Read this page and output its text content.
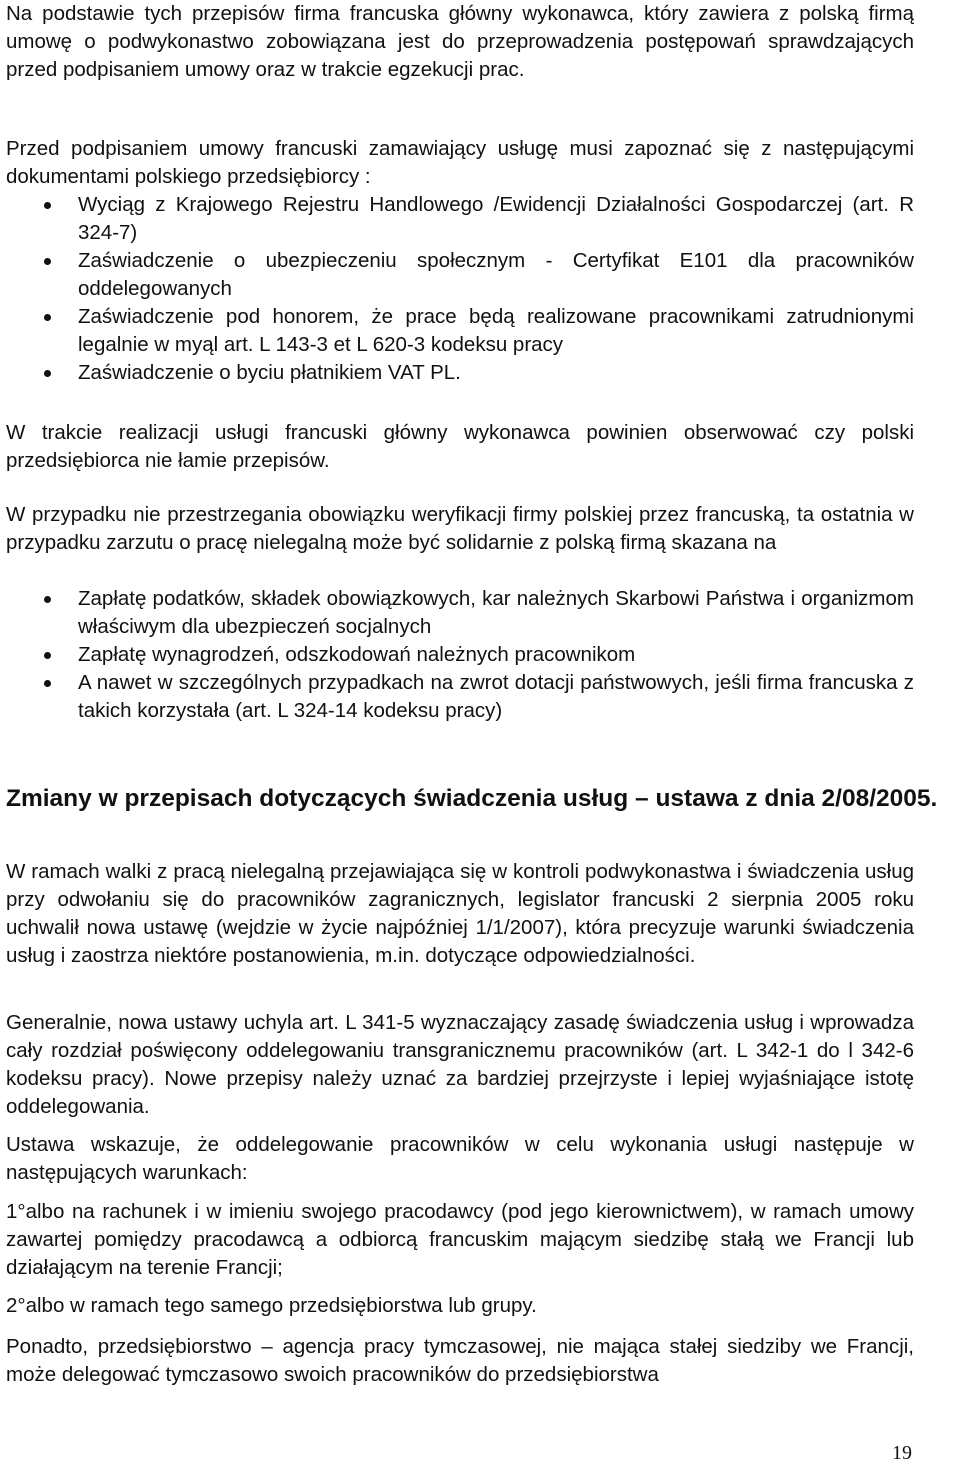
Na podstawie tych przepisów firma francuska główny wykonawca, który zawiera z polską firmą umowę o podwykonastwo zobowiązana jest do przeprowadzenia postępowań sprawdzających przed podpisaniem umowy oraz w trakcie egzekucji prac.

Przed podpisaniem umowy francuski zamawiający usługę musi zapoznać się z następującymi dokumentami polskiego przedsiębiorcy :

Wyciąg z Krajowego Rejestru Handlowego /Ewidencji Działalności Gospodarczej (art. R 324-7)
Zaświadczenie o ubezpieczeniu społecznym - Certyfikat E101 dla pracowników oddelegowanych
Zaświadczenie pod honorem, że prace będą realizowane pracownikami zatrudnionymi legalnie w myąl art. L 143-3 et L 620-3 kodeksu pracy
Zaświadczenie o byciu płatnikiem VAT PL.

W trakcie realizacji usługi francuski główny wykonawca powinien obserwować czy polski przedsiębiorca nie łamie przepisów.

W przypadku nie przestrzegania obowiązku weryfikacji firmy polskiej przez francuską, ta ostatnia w przypadku zarzutu o pracę nielegalną może być solidarnie z polską firmą skazana na

Zapłatę podatków, składek obowiązkowych, kar należnych Skarbowi Państwa i organizmom właściwym dla ubezpieczeń socjalnych
Zapłatę wynagrodzeń, odszkodowań należnych pracownikom
A nawet w szczególnych przypadkach na zwrot dotacji państwowych, jeśli firma francuska z takich korzystała (art. L 324-14 kodeksu pracy)
Zmiany w przepisach dotyczących świadczenia usług – ustawa z dnia 2/08/2005.

W ramach walki z pracą nielegalną przejawiająca się w kontroli podwykonastwa i świadczenia usług przy odwołaniu się do pracowników zagranicznych, legislator francuski 2 sierpnia 2005 roku uchwalił nowa ustawę (wejdzie w życie najpóźniej 1/1/2007), która precyzuje warunki świadczenia usług i zaostrza niektóre postanowienia, m.in. dotyczące odpowiedzialności.

Generalnie, nowa ustawy uchyla art. L 341-5 wyznaczający zasadę świadczenia usług i wprowadza cały rozdział poświęcony oddelegowaniu transgranicznemu pracowników (art. L 342-1 do l 342-6 kodeksu pracy). Nowe przepisy należy uznać za bardziej przejrzyste i lepiej wyjaśniające istotę oddelegowania.

Ustawa wskazuje, że oddelegowanie pracowników w celu wykonania usługi następuje w następujących warunkach:

1°albo na rachunek i w imieniu swojego pracodawcy (pod jego kierownictwem), w ramach umowy zawartej pomiędzy pracodawcą a odbiorcą francuskim mającym siedzibę stałą we Francji lub działającym na terenie Francji;

2°albo w ramach tego samego przedsiębiorstwa lub grupy.

Ponadto, przedsiębiorstwo – agencja pracy tymczasowej, nie mająca stałej siedziby we Francji, może delegować tymczasowo swoich pracowników do przedsiębiorstwa

19
